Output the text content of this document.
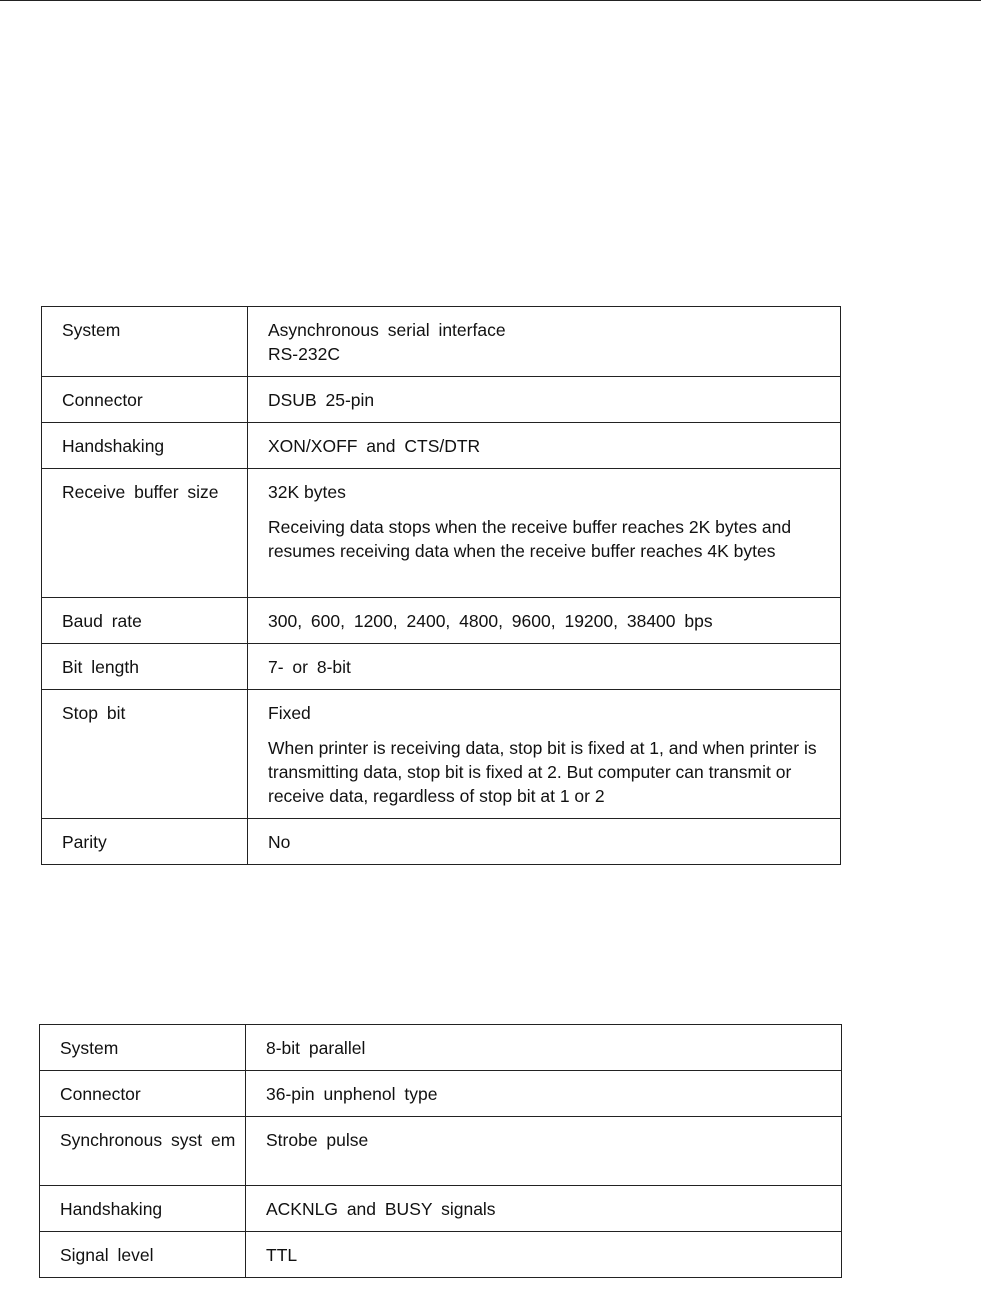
System	Asynchronous serial interface
RS-232C

Connector	DSUB 25-pin
Handshaking	XON/XOFF and CTS/DTR
Receive buffer size	32K bytes
Receiving data stops when the receive buffer reaches 2K bytes and resumes receiving data when the receive buffer reaches 4K bytes

Baud rate	300, 600, 1200, 2400, 4800, 9600, 19200, 38400 bps
Bit length	7- or 8-bit
Stop bit	Fixed
When printer is receiving data, stop bit is fixed at 1, and when printer is transmitting data, stop bit is fixed at 2. But computer can transmit or receive data, regardless of stop bit at 1 or 2

Parity	No
System	8-bit parallel
Connector	36-pin unphenol type
Synchronous syst em	Strobe pulse
Handshaking	ACKNLG and BUSY signals
Signal level	TTL
